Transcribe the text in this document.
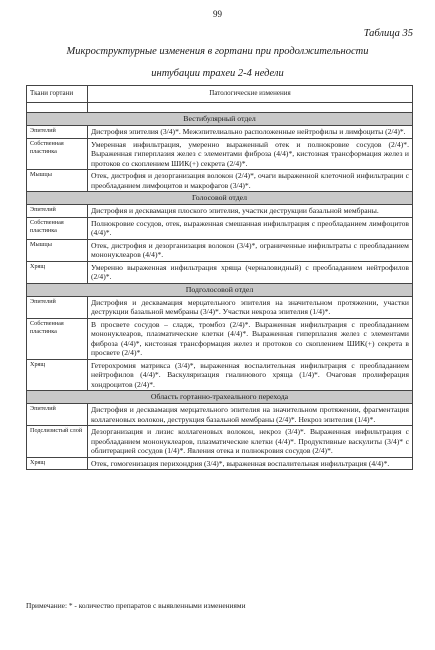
99
Таблица 35
Микроструктурные изменения в гортани при продолжительности
интубации трахеи 2-4 недели
Ткани гортани	Патологические изменения

Вестибулярный отдел	
Эпителий	Дистрофия эпителия (3/4)*. Межэпителиально расположенные нейтрофилы и лимфоциты (2/4)*.
Собственная пластинка	Умеренная инфильтрация, умеренно выраженный отек и полнокровие сосудов (2/4)*. Выраженная гиперплазия желез с элементами фиброза (4/4)*, кистозная трансформация желез и протоков со скоплением ШИК(+) секрета (2/4)*.
Мышцы	Отек, дистрофия и дезорганизация волокон (2/4)*, очаги выраженной клеточной инфильтрации с преобладанием лимфоцитов и макрофагов (3/4)*.
Голосовой отдел	
Эпителий	Дистрофия и десквамация плоского эпителия, участки деструкции базальной мембраны.
Собственная пластинка	Полнокровие сосудов, отек, выраженная смешанная инфильтрация с преобладанием лимфоцитов (4/4)*.
Мышцы	Отек, дистрофия и дезорганизация волокон (3/4)*, ограниченные инфильтраты с преобладанием мононуклеаров (4/4)*.
Хрящ	Умеренно выраженная инфильтрация хряща (черналовидный) с преобладанием нейтрофилов (2/4)*.
Подголосовой отдел	
Эпителий	Дистрофия и десквамация мерцательного эпителия на значительном протяжении, участки деструкции базальной мембраны (3/4)*. Участки некроза эпителия (1/4)*.
Собственная пластинка	В просвете сосудов – сладж, тромбоз (2/4)*. Выраженная инфильтрация с преобладанием мононуклеаров, плазматические клетки (4/4)*. Выраженная гиперплазия желез с элементами фиброза (4/4)*, кистозная трансформация желез и протоков со скоплением ШИК(+) секрета в просвете (2/4)*.
Хрящ	Гетерохромия матрикса (3/4)*, выраженная воспалительная инфильтрация с преобладанием нейтрофилов (4/4)*. Васкуляризация гиалинового хряща (1/4)*. Очаговая пролиферация хондроцитов (2/4)*.
Область гортанно-трахеального перехода	
Эпителий	Дистрофия и десквамация мерцательного эпителия на значительном протяжении, фрагментация коллагеновых волокон, деструкция базальной мембраны (2/4)*. Некроз эпителия (1/4)*.
Подслизистый слой	Дезорганизация и лизис коллагеновых волокон, некроз (3/4)*. Выраженная инфильтрация с преобладанием мононуклеаров, плазматические клетки (4/4)*. Продуктивные васкулиты (3/4)* с облитерацией сосудов (1/4)*. Явления отека и полнокровия сосудов (2/4)*.
Хрящ	Отек, гомогенизация перихондрия (3/4)*, выраженная воспалительная инфильтрация (4/4)*.
Примечание: * - количество препаратов с выявленными изменениями
